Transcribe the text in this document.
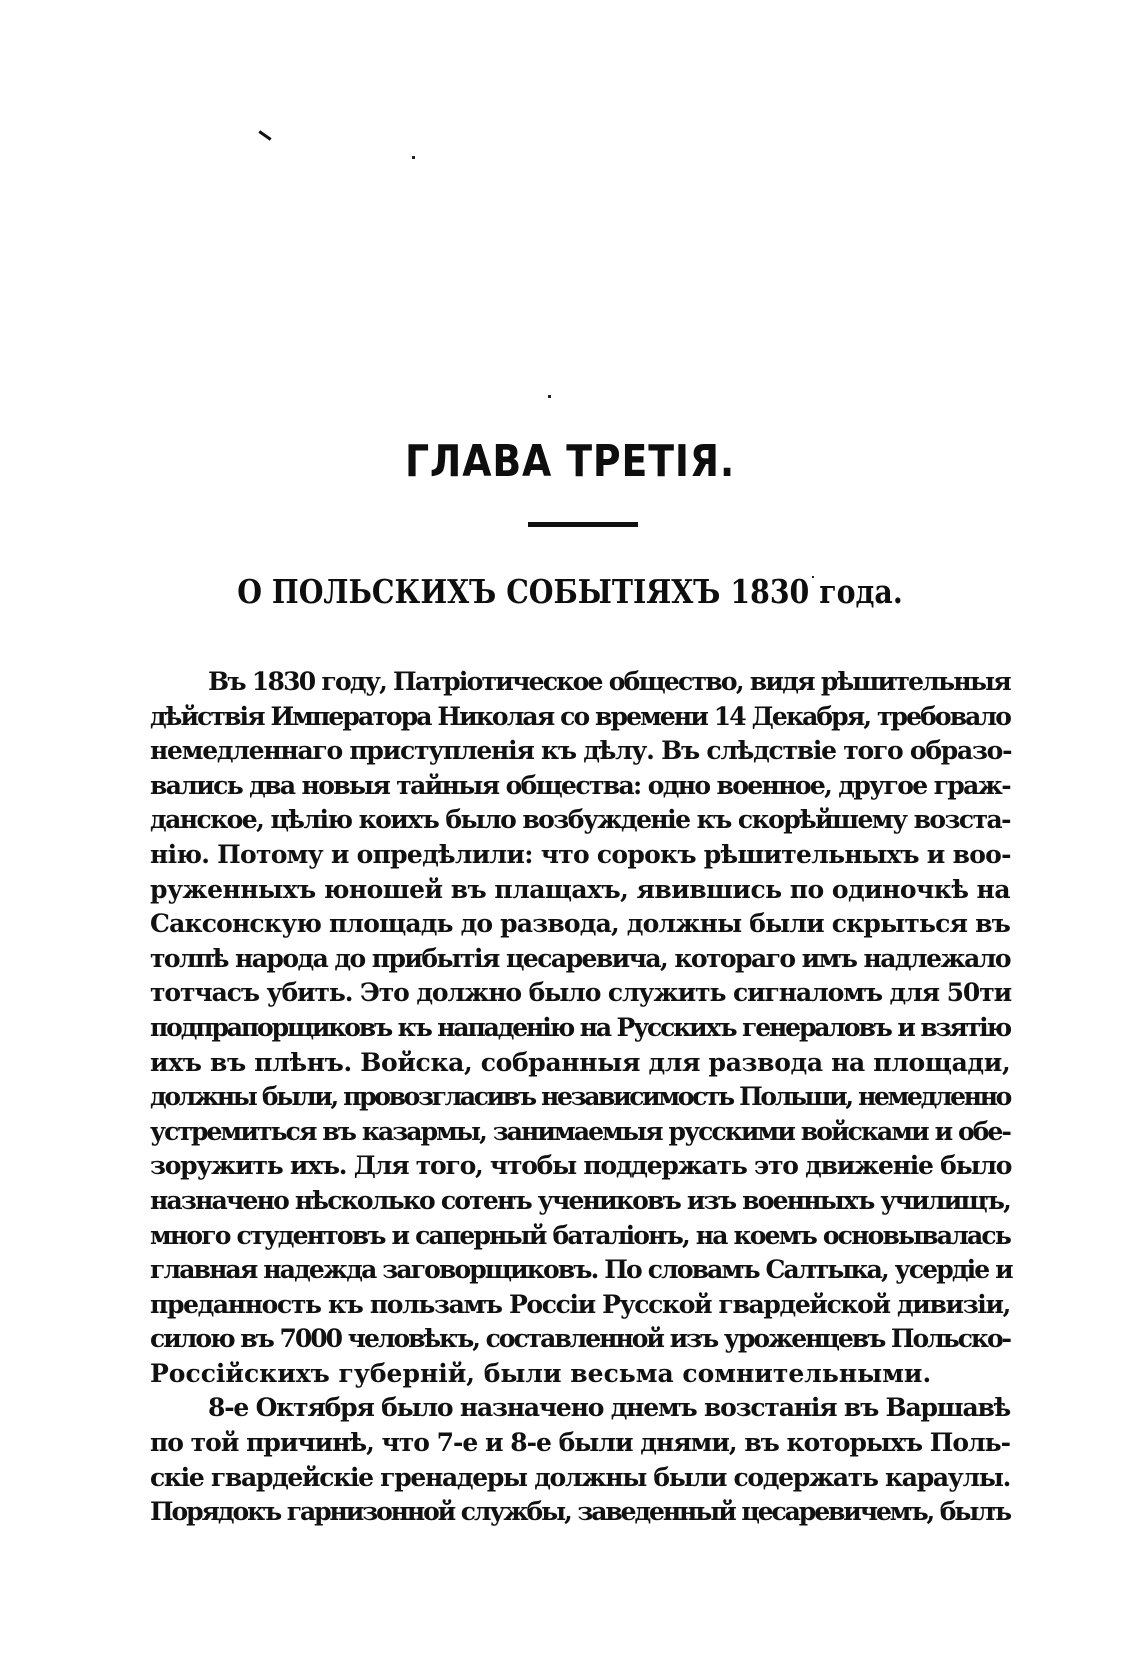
ГЛАВА ТРЕТІЯ.
О ПОЛЬСКИХЪ СОБЫТІЯХЪ 1830 года.
Въ 1830 году, Патріотическое общество, видя рѣшительныя
дѣйствія Императора Николая со времени 14 Декабря, требовало
немедленнаго приступленія къ дѣлу. Въ слѣдствіе того образо-
вались два новыя тайныя общества: одно военное, другое граж-
данское, цѣлію коихъ было возбужденіе къ скорѣйшему возста-
нію. Потому и опредѣлили: что сорокъ рѣшительныхъ и воо-
руженныхъ юношей въ плащахъ, явившись по одиночкѣ на
Саксонскую площадь до развода, должны были скрыться въ
толпѣ народа до прибытія цесаревича, котораго имъ надлежало
тотчасъ убить. Это должно было служить сигналомъ для 50ти
подпрапорщиковъ къ нападенію на Русскихъ генераловъ и взятію
ихъ въ плѣнъ. Войска, собранныя для развода на площади,
должны были, провозгласивъ независимость Польши, немедленно
устремиться въ казармы, занимаемыя русскими войсками и обе-
зоружить ихъ. Для того, чтобы поддержать это движеніе было
назначено нѣсколько сотенъ учениковъ изъ военныхъ училищъ,
много студентовъ и саперный баталіонъ, на коемъ основывалась
главная надежда заговорщиковъ. По словамъ Салтыка, усердіе и
преданность къ пользамъ Россіи Русской гвардейской дивизіи,
силою въ 7000 человѣкъ, составленной изъ уроженцевъ Польско-
Россійскихъ губерній, были весьма сомнительными.
8-е Октября было назначено днемъ возстанія въ Варшавѣ
по той причинѣ, что 7-е и 8-е были днями, въ которыхъ Поль-
скіе гвардейскіе гренадеры должны были содержать караулы.
Порядокъ гарнизонной службы, заведенный цесаревичемъ, былъ
